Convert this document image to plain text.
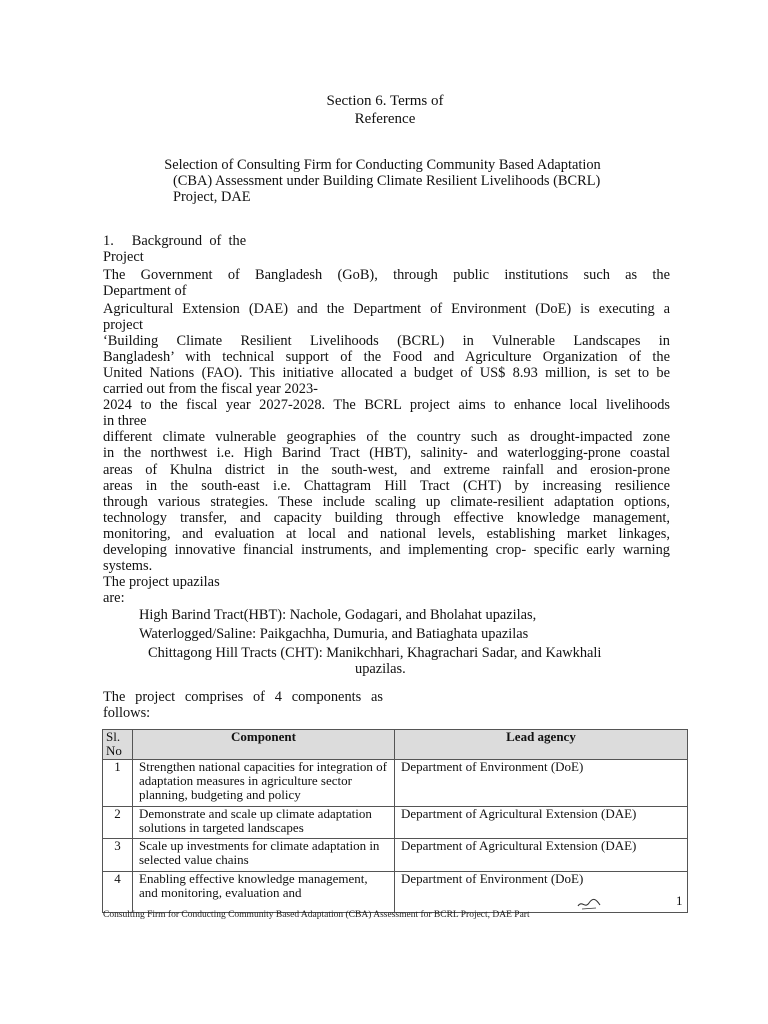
Section 6. Terms of
Reference
Selection of Consulting Firm for Conducting Community Based Adaptation
(CBA) Assessment under Building Climate Resilient Livelihoods (BCRL)
Project, DAE
1.     Background  of  the
Project
The Government of Bangladesh (GoB), through public institutions such as the
Department of
Agricultural Extension (DAE) and the Department of Environment (DoE) is executing a
project
‘Building Climate Resilient Livelihoods (BCRL) in Vulnerable Landscapes in
Bangladesh’ with technical support of the Food and Agriculture Organization of the
United Nations (FAO). This initiative allocated a budget of US$ 8.93 million, is set to be
carried out from the fiscal year 2023-
2024 to the fiscal year 2027-2028. The BCRL project aims to enhance local livelihoods
in three
different climate vulnerable geographies of the country such as drought-impacted zone
in the northwest i.e. High Barind Tract (HBT), salinity- and waterlogging-prone coastal
areas of Khulna district in the south-west, and extreme rainfall and erosion-prone
areas in the south-east i.e. Chattagram Hill Tract (CHT) by increasing resilience
through various strategies. These include scaling up climate-resilient adaptation options,
technology transfer, and capacity building through effective knowledge management,
monitoring, and evaluation at local and national levels, establishing market linkages,
developing innovative financial instruments, and implementing crop- specific early warning
systems.
The project upazilas
are:
High Barind Tract(HBT): Nachole, Godagari, and Bholahat upazilas,
Waterlogged/Saline: Paikgachha, Dumuria, and Batiaghata upazilas
Chittagong Hill Tracts (CHT): Manikchhari, Khagrachari Sadar, and Kawkhali
upazilas.
The project comprises of 4 components as
follows:
Sl. No	Component	Lead agency
1	Strengthen national capacities for integration of adaptation measures in agriculture sector planning, budgeting and policy	Department of Environment (DoE)
2	Demonstrate and scale up climate adaptation solutions in targeted landscapes	Department of Agricultural Extension (DAE)
3	Scale up investments for climate adaptation in selected value chains	Department of Agricultural Extension (DAE)
4	Enabling effective knowledge management, and monitoring, evaluation and	Department of Environment (DoE)
1
Consulting Firm for Conducting Community Based Adaptation (CBA) Assessment for BCRL Project, DAE Part
